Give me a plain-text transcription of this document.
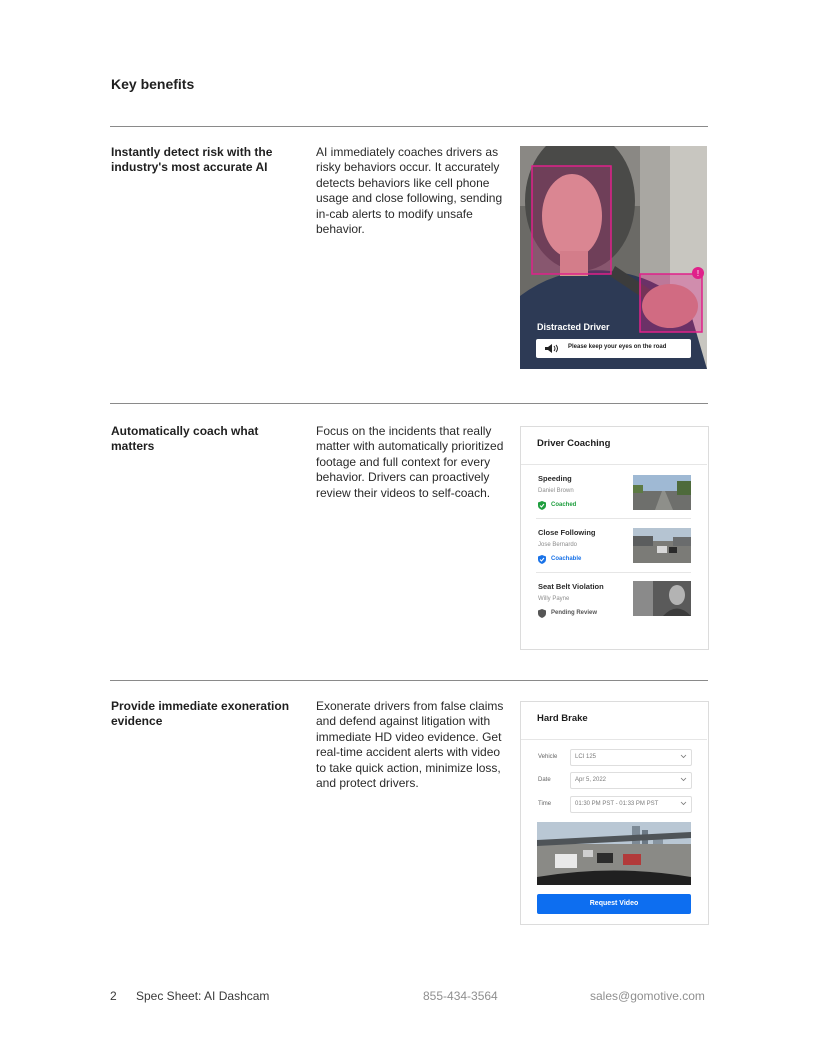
Key benefits
Instantly detect risk with the industry's most accurate AI
AI immediately coaches drivers as risky behaviors occur. It accurately detects behaviors like cell phone usage and close following, sending in-cab alerts to modify unsafe behavior.
!
Distracted Driver
Please keep your eyes on the road
Automatically coach what matters
Focus on the incidents that really matter with automatically prioritized footage and full context for every behavior. Drivers can proactively review their videos to self-coach.
Driver Coaching
Speeding
Daniel Brown
Coached
Close Following
Jose Bernardo
Coachable
Seat Belt Violation
Willy Payne
Pending Review
Provide immediate exoneration evidence
Exonerate drivers from false claims and defend against litigation with immediate HD video evidence. Get real-time accident alerts with video to take quick action, minimize loss, and protect drivers.
Hard Brake
Vehicle	LCI 125
Date	Apr 5, 2022
Time	01:30 PM PST - 01:33 PM PST
Request Video
2 Spec Sheet: AI Dashcam	855-434-3564	sales@gomotive.com
